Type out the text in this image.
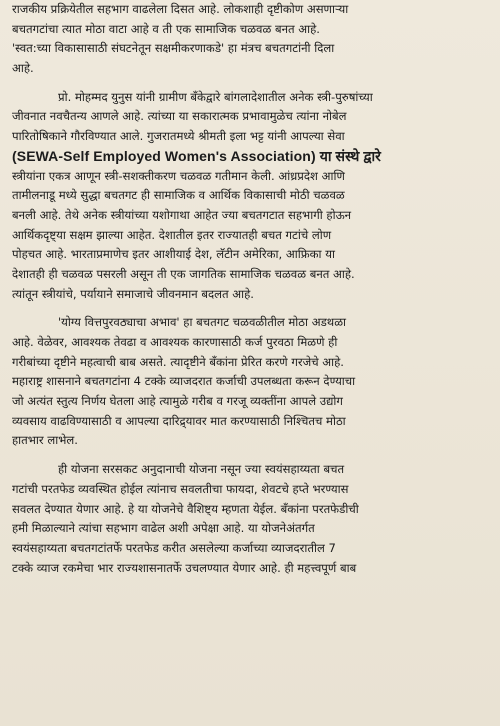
राजकीय प्रक्रियेतील सहभाग वाढलेला दिसत आहे. लोकशाही दृष्टीकोण असणाऱ्या
बचतगटांचा त्यात मोठा वाटा आहे व ती एक सामाजिक चळवळ बनत आहे.
'स्वत:च्या विकासासाठी संघटनेतून सक्षमीकरणाकडे' हा मंत्रच बचतगटांनी दिला
आहे.
प्रो. मोहम्मद युनुस यांनी ग्रामीण बँकेद्वारे बांगलादेशातील अनेक स्त्री-पुरुषांच्या
जीवनात नवचैतन्य आणले आहे. त्यांच्या या सकारात्मक प्रभावामुळेच त्यांना नोबेल
पारितोषिकाने गौरविण्यात आले. गुजरातमध्ये श्रीमती इला भट्ट यांनी आपल्या सेवा
(SEWA-Self Employed Women's Association) या संस्थे द्वारे
स्त्रीयांना एकत्र आणून स्त्री-सशक्तीकरण चळवळ गतीमान केली. आंध्रप्रदेश आणि
तामीलनाडू मध्ये सुद्धा बचतगट ही सामाजिक व आर्थिक विकासाची मोठी चळवळ
बनली आहे. तेथे अनेक स्त्रीयांच्या यशोगाथा आहेत ज्या बचतगटात सहभागी होऊन
आर्थिकदृष्ट्या सक्षम झाल्या आहेत. देशातील इतर राज्यातही बचत गटांचे लोण
पोहचत आहे. भारताप्रमाणेच इतर आशीयाई देश, लॅटीन अमेरिका, आफ्रिका या
देशातही ही चळवळ पसरली असून ती एक जागतिक सामाजिक चळवळ बनत आहे.
त्यांतून स्त्रीयांचे, पर्यायाने समाजाचे जीवनमान बदलत आहे.
'योग्य वित्तपुरवठ्याचा अभाव' हा बचतगट चळवळीतील मोठा अडथळा
आहे. वेळेवर, आवश्यक तेवढा व आवश्यक कारणासाठी कर्ज पुरवठा मिळणे ही
गरीबांच्या दृष्टीने महत्वाची बाब असते. त्यादृष्टीने बँकांना प्रेरित करणे गरजेचे आहे.
महाराष्ट्र शासनाने बचतगटांना 4 टक्के व्याजदरात कर्जाची उपलब्धता करून देण्याचा
जो अत्यंत स्तुत्य निर्णय घेतला आहे त्यामुळे गरीब व गरजू व्यक्तींना आपले उद्योग
व्यवसाय वाढविण्यासाठी व आपल्या दारिद्र्यावर मात करण्यासाठी निश्चितच मोठा
हातभार लाभेल.
ही योजना सरसकट अनुदानाची योजना नसून ज्या स्वयंसहाय्यता बचत
गटांची परतफेड व्यवस्थित होईल त्यांनाच सवलतीचा फायदा, शेवटचे हप्ते भरण्यास
सवलत देण्यात येणार आहे. हे या योजनेचे वैशिष्ट्य म्हणता येईल. बँकांना परतफेडीची
हमी मिळाल्याने त्यांचा सहभाग वाढेल अशी अपेक्षा आहे. या योजनेअंतर्गत
स्वयंसहाय्यता बचतगटांतर्फे परतफेड करीत असलेल्या कर्जाच्या व्याजदरातील 7
टक्के व्याज रकमेचा भार राज्यशासनातर्फे उचलण्यात येणार आहे. ही महत्त्वपूर्ण बाब
